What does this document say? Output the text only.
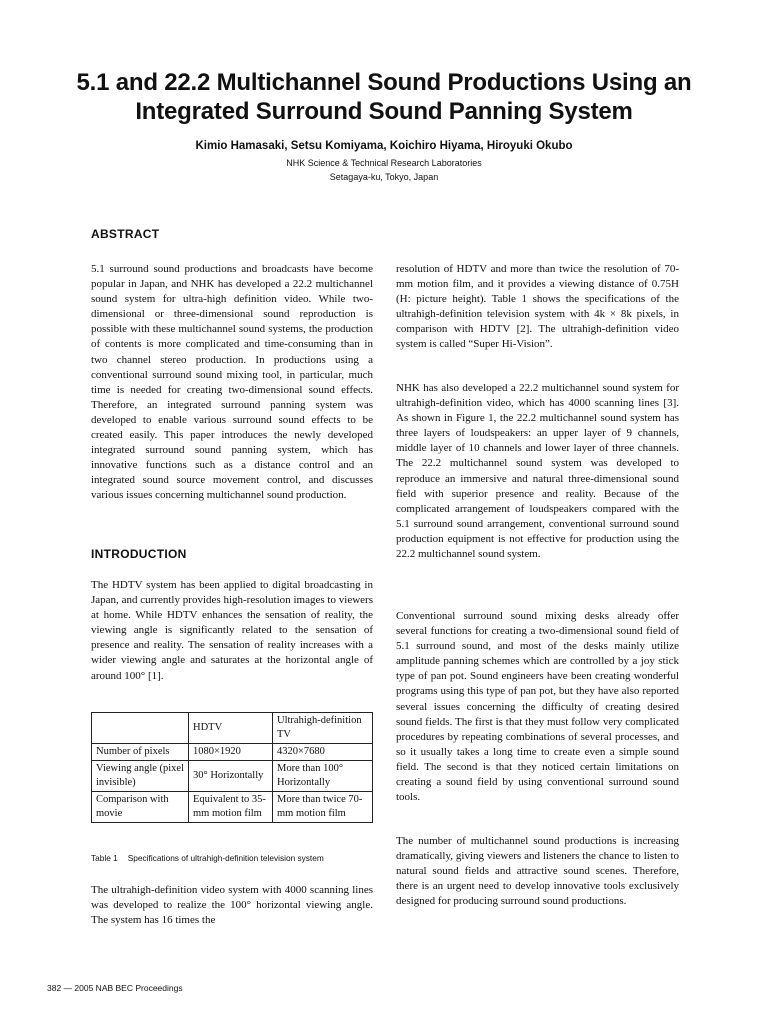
5.1 and 22.2 Multichannel Sound Productions Using an Integrated Surround Sound Panning System
Kimio Hamasaki, Setsu Komiyama, Koichiro Hiyama, Hiroyuki Okubo
NHK Science & Technical Research Laboratories
Setagaya-ku, Tokyo, Japan
ABSTRACT

5.1 surround sound productions and broadcasts have become popular in Japan, and NHK has developed a 22.2 multichannel sound system for ultra-high definition video. While two-dimensional or three-dimensional sound reproduction is possible with these multichannel sound systems, the production of contents is more complicated and time-consuming than in two channel stereo production. In productions using a conventional surround sound mixing tool, in particular, much time is needed for creating two-dimensional sound effects. Therefore, an integrated surround panning system was developed to enable various surround sound effects to be created easily. This paper introduces the newly developed integrated surround sound panning system, which has innovative functions such as a distance control and an integrated sound source movement control, and discusses various issues concerning multichannel sound production.

INTRODUCTION

The HDTV system has been applied to digital broadcasting in Japan, and currently provides high-resolution images to viewers at home. While HDTV enhances the sensation of reality, the viewing angle is significantly related to the sensation of presence and reality. The sensation of reality increases with a wider viewing angle and saturates at the horizontal angle of around 100° [1].

	HDTV	Ultrahigh-definition TV
Number of pixels	1080×1920	4320×7680
Viewing angle (pixel invisible)	30° Horizontally	More than 100° Horizontally
Comparison with movie	Equivalent to 35-mm motion film	More than twice 70-mm motion film
Table 1 Specifications of ultrahigh-definition television system

The ultrahigh-definition video system with 4000 scanning lines was developed to realize the 100° horizontal viewing angle. The system has 16 times the

resolution of HDTV and more than twice the resolution of 70-mm motion film, and it provides a viewing distance of 0.75H (H: picture height). Table 1 shows the specifications of the ultrahigh-definition television system with 4k × 8k pixels, in comparison with HDTV [2]. The ultrahigh-definition video system is called “Super Hi-Vision”.

NHK has also developed a 22.2 multichannel sound system for ultrahigh-definition video, which has 4000 scanning lines [3]. As shown in Figure 1, the 22.2 multichannel sound system has three layers of loudspeakers: an upper layer of 9 channels, middle layer of 10 channels and lower layer of three channels. The 22.2 multichannel sound system was developed to reproduce an immersive and natural three-dimensional sound field with superior presence and reality. Because of the complicated arrangement of loudspeakers compared with the 5.1 surround sound arrangement, conventional surround sound production equipment is not effective for production using the 22.2 multichannel sound system.

Conventional surround sound mixing desks already offer several functions for creating a two-dimensional sound field of 5.1 surround sound, and most of the desks mainly utilize amplitude panning schemes which are controlled by a joy stick type of pan pot. Sound engineers have been creating wonderful programs using this type of pan pot, but they have also reported several issues concerning the difficulty of creating desired sound fields. The first is that they must follow very complicated procedures by repeating combinations of several processes, and so it usually takes a long time to create even a simple sound field. The second is that they noticed certain limitations on creating a sound field by using conventional surround sound tools.

The number of multichannel sound productions is increasing dramatically, giving viewers and listeners the chance to listen to natural sound fields and attractive sound scenes. Therefore, there is an urgent need to develop innovative tools exclusively designed for producing surround sound productions.

382 — 2005 NAB BEC Proceedings
